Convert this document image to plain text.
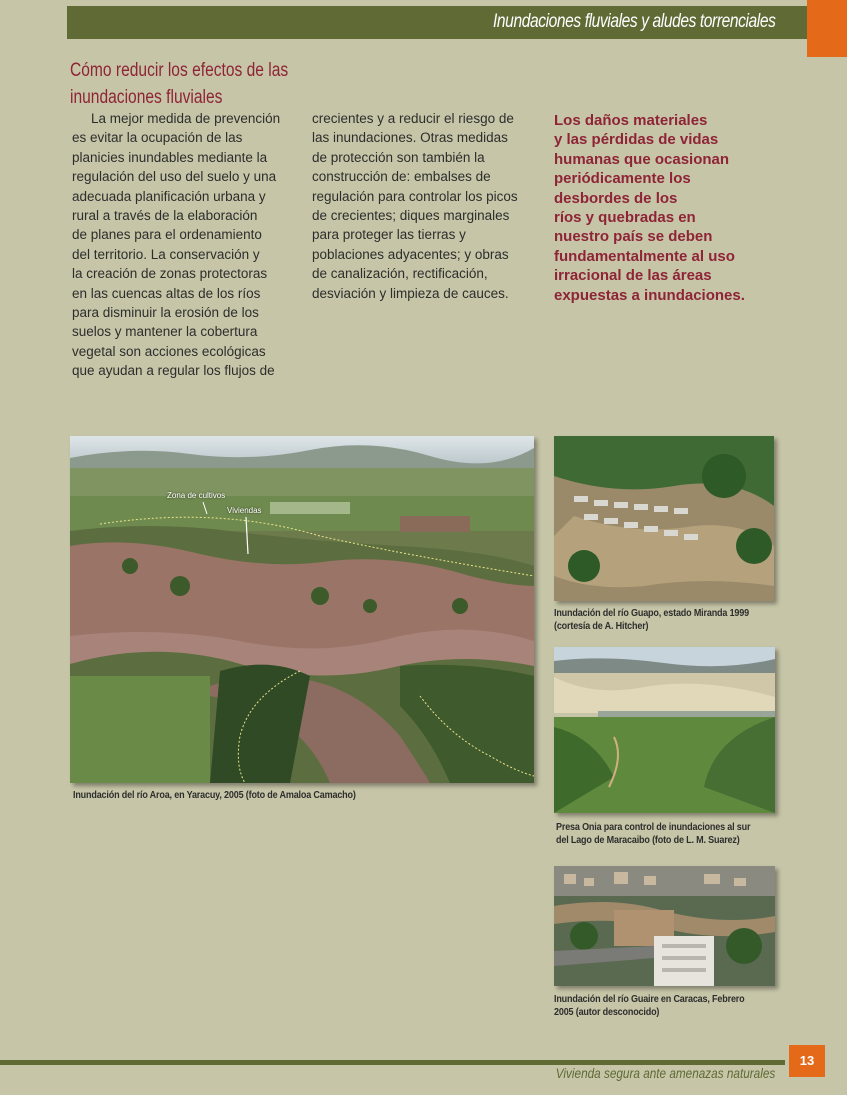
Inundaciones fluviales y aludes torrenciales
Cómo reducir los efectos de las
inundaciones fluviales
La mejor medida de prevención
es evitar la ocupación de las
planicies inundables mediante la
regulación del uso del suelo y una
adecuada planificación urbana y
rural a través de la elaboración
de planes para el ordenamiento
del territorio. La conservación y
la creación de zonas protectoras
en las cuencas altas de los ríos
para disminuir la erosión de los
suelos y mantener la cobertura
vegetal son acciones ecológicas
que ayudan a regular los flujos de
crecientes y a reducir el riesgo de
las inundaciones. Otras medidas
de protección son también la
construcción de: embalses de
regulación para controlar los picos
de crecientes; diques marginales
para proteger las tierras y
poblaciones adyacentes; y obras
de canalización, rectificación,
desviación y limpieza de cauces.
Los daños materiales
y las pérdidas de vidas
humanas que ocasionan
periódicamente los
desbordes de los
ríos y quebradas en
nuestro país se deben
fundamentalmente al uso
irracional de las áreas
expuestas a inundaciones.
Zona de cultivos
Viviendas
Inundación del río Aroa, en Yaracuy, 2005 (foto de Amaloa Camacho)
Inundación del río Guapo, estado Miranda 1999
(cortesía de A. Hitcher)
Presa Onia para control de inundaciones al sur
del Lago de Maracaibo (foto de L. M. Suarez)
Inundación del río Guaire en Caracas, Febrero
2005 (autor desconocido)
Vivienda segura ante amenazas naturales
13
